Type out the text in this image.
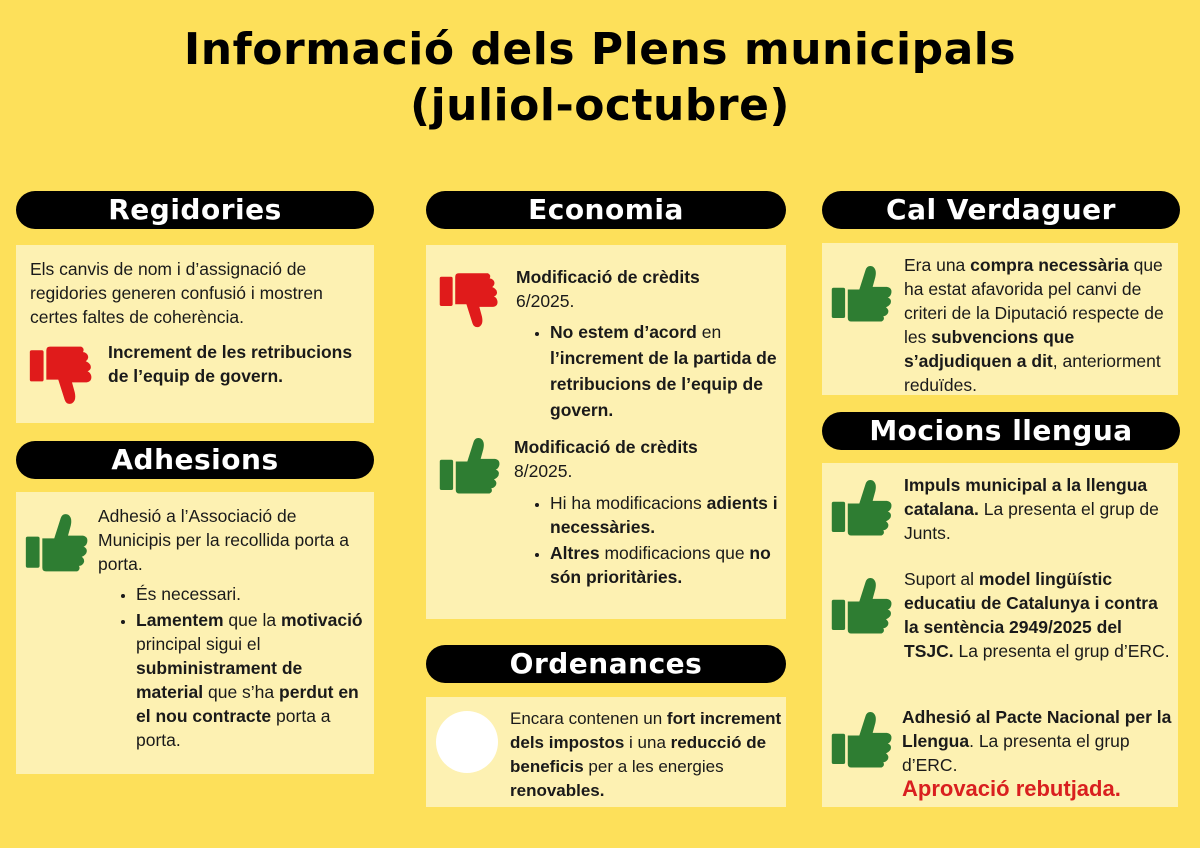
Informació dels Plens municipals
(juliol-octubre)
Regidories
Els canvis de nom i d’assignació de regidories generen confusió i mostren certes faltes de coherència.
Increment de les retribucions de l’equip de govern.
Adhesions
Adhesió a l’Associació de Municipis per la recollida porta a porta.
• És necessari.
• Lamentem que la motivació principal sigui el subministrament de material que s’ha perdut en el nou contracte porta a porta.
Economia

Modificació de crèdits

6/2025.

• No estem d’acord en l’increment de la partida de retribucions de l’equip de govern.

Modificació de crèdits

8/2025.

• Hi ha modificacions adients i necessàries.
• Altres modificacions que no són prioritàries.
Ordenances
Encara contenen un fort increment dels impostos i una reducció de beneficis per a les energies renovables.
Cal Verdaguer
Era una compra necessària que ha estat afavorida pel canvi de criteri de la Diputació respecte de les subvencions que s’adjudiquen a dit, anteriorment reduïdes.
Mocions llengua
Impuls municipal a la llengua catalana. La presenta el grup de Junts.
Suport al model lingüístic educatiu de Catalunya i contra la sentència 2949/2025 del TSJC. La presenta el grup d’ERC.
Adhesió al Pacte Nacional per la Llengua. La presenta el grup d’ERC.
Aprovació rebutjada.
